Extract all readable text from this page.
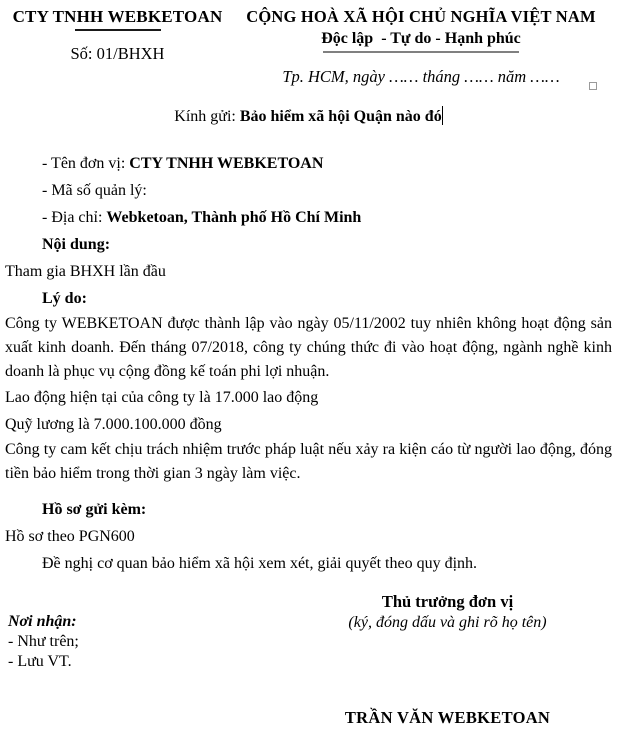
CTY TNHH WEBKETOAN
Số: 01/BHXH
CỘNG HOÀ XÃ HỘI CHỦ NGHĨA VIỆT NAM
Độc lập  - Tự do - Hạnh phúc
Tp. HCM, ngày …… tháng …… năm ……
Kính gửi: Bảo hiểm xã hội Quận nào đó
- Tên đơn vị: CTY TNHH WEBKETOAN
- Mã số quản lý:
- Địa chỉ: Webketoan, Thành phố Hồ Chí Minh
Nội dung:
Tham gia BHXH lần đầu
Lý do:

Công ty WEBKETOAN được thành lập vào ngày 05/11/2002 tuy nhiên không hoạt động sản xuất kinh doanh. Đến tháng 07/2018, công ty chúng thức đi vào hoạt động, ngành nghề kinh doanh là phục vụ cộng đồng kế toán phi lợi nhuận.

Lao động hiện tại của công ty là 17.000 lao động
Quỹ lương là 7.000.100.000 đồng

Công ty cam kết chịu trách nhiệm trước pháp luật nếu xảy ra kiện cáo từ người lao động, đóng tiền bảo hiểm trong thời gian 3 ngày làm việc.

Hồ sơ gửi kèm:
Hồ sơ theo PGN600
Đề nghị cơ quan bảo hiểm xã hội xem xét, giải quyết theo quy định.
Thủ trưởng đơn vị
(ký, đóng dấu và ghi rõ họ tên)
Nơi nhận:
- Như trên;
- Lưu VT.
TRẦN VĂN WEBKETOAN
